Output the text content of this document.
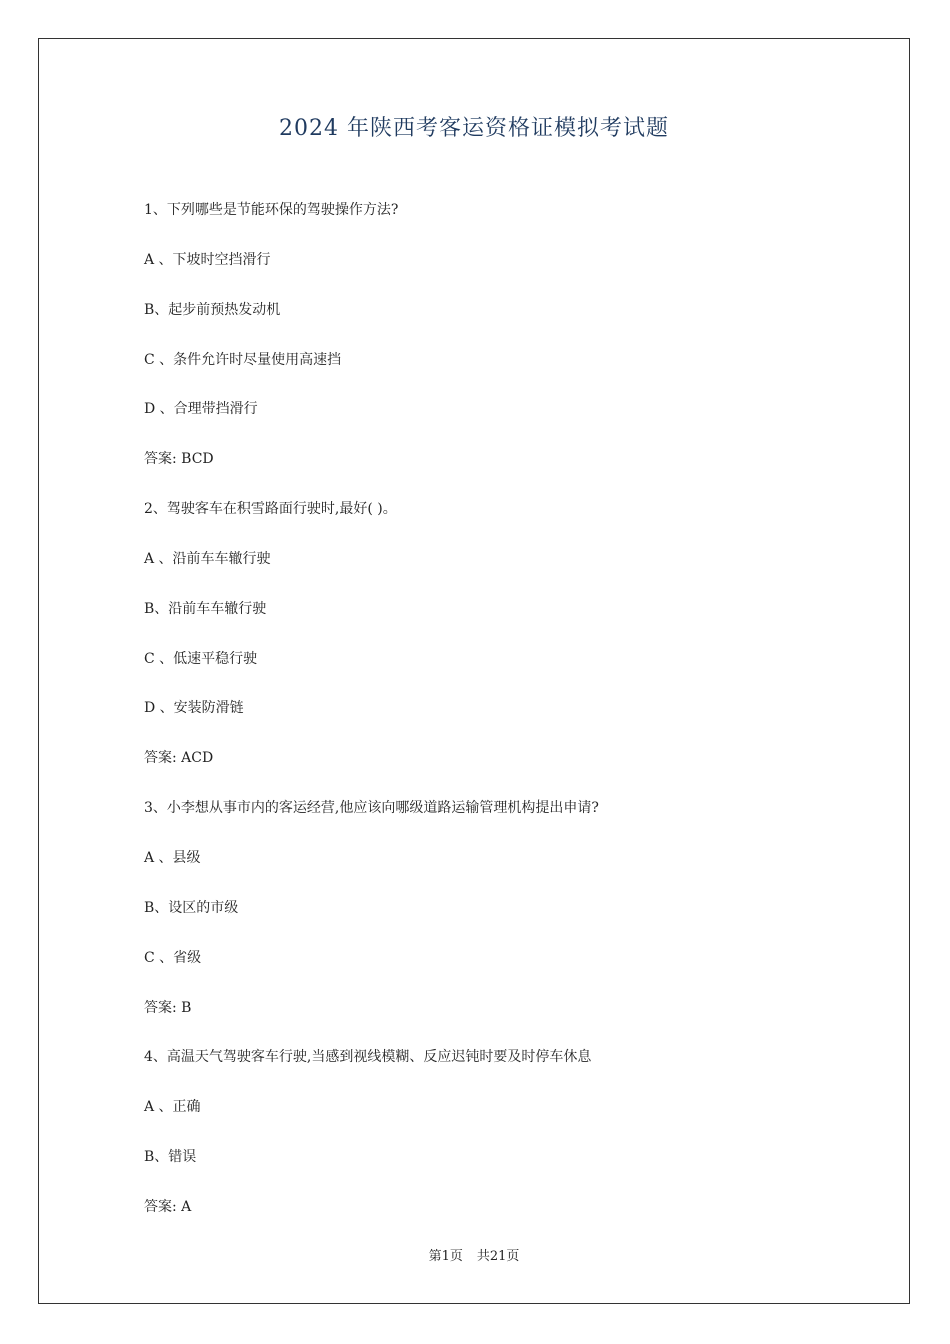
2024 年陕西考客运资格证模拟考试题
1、下列哪些是节能环保的驾驶操作方法?
A 、下坡时空挡滑行
B、起步前预热发动机
C 、条件允许时尽量使用高速挡
D 、合理带挡滑行
答案: BCD
2、驾驶客车在积雪路面行驶时,最好( )。
A 、沿前车车辙行驶
B、沿前车车辙行驶
C 、低速平稳行驶
D 、安装防滑链
答案: ACD
3、小李想从事市内的客运经营,他应该向哪级道路运输管理机构提出申请?
A 、县级
B、设区的市级
C 、省级
答案: B
4、高温天气驾驶客车行驶,当感到视线模糊、反应迟钝时要及时停车休息
A 、正确
B、错误
答案: A
第1页 共21页
